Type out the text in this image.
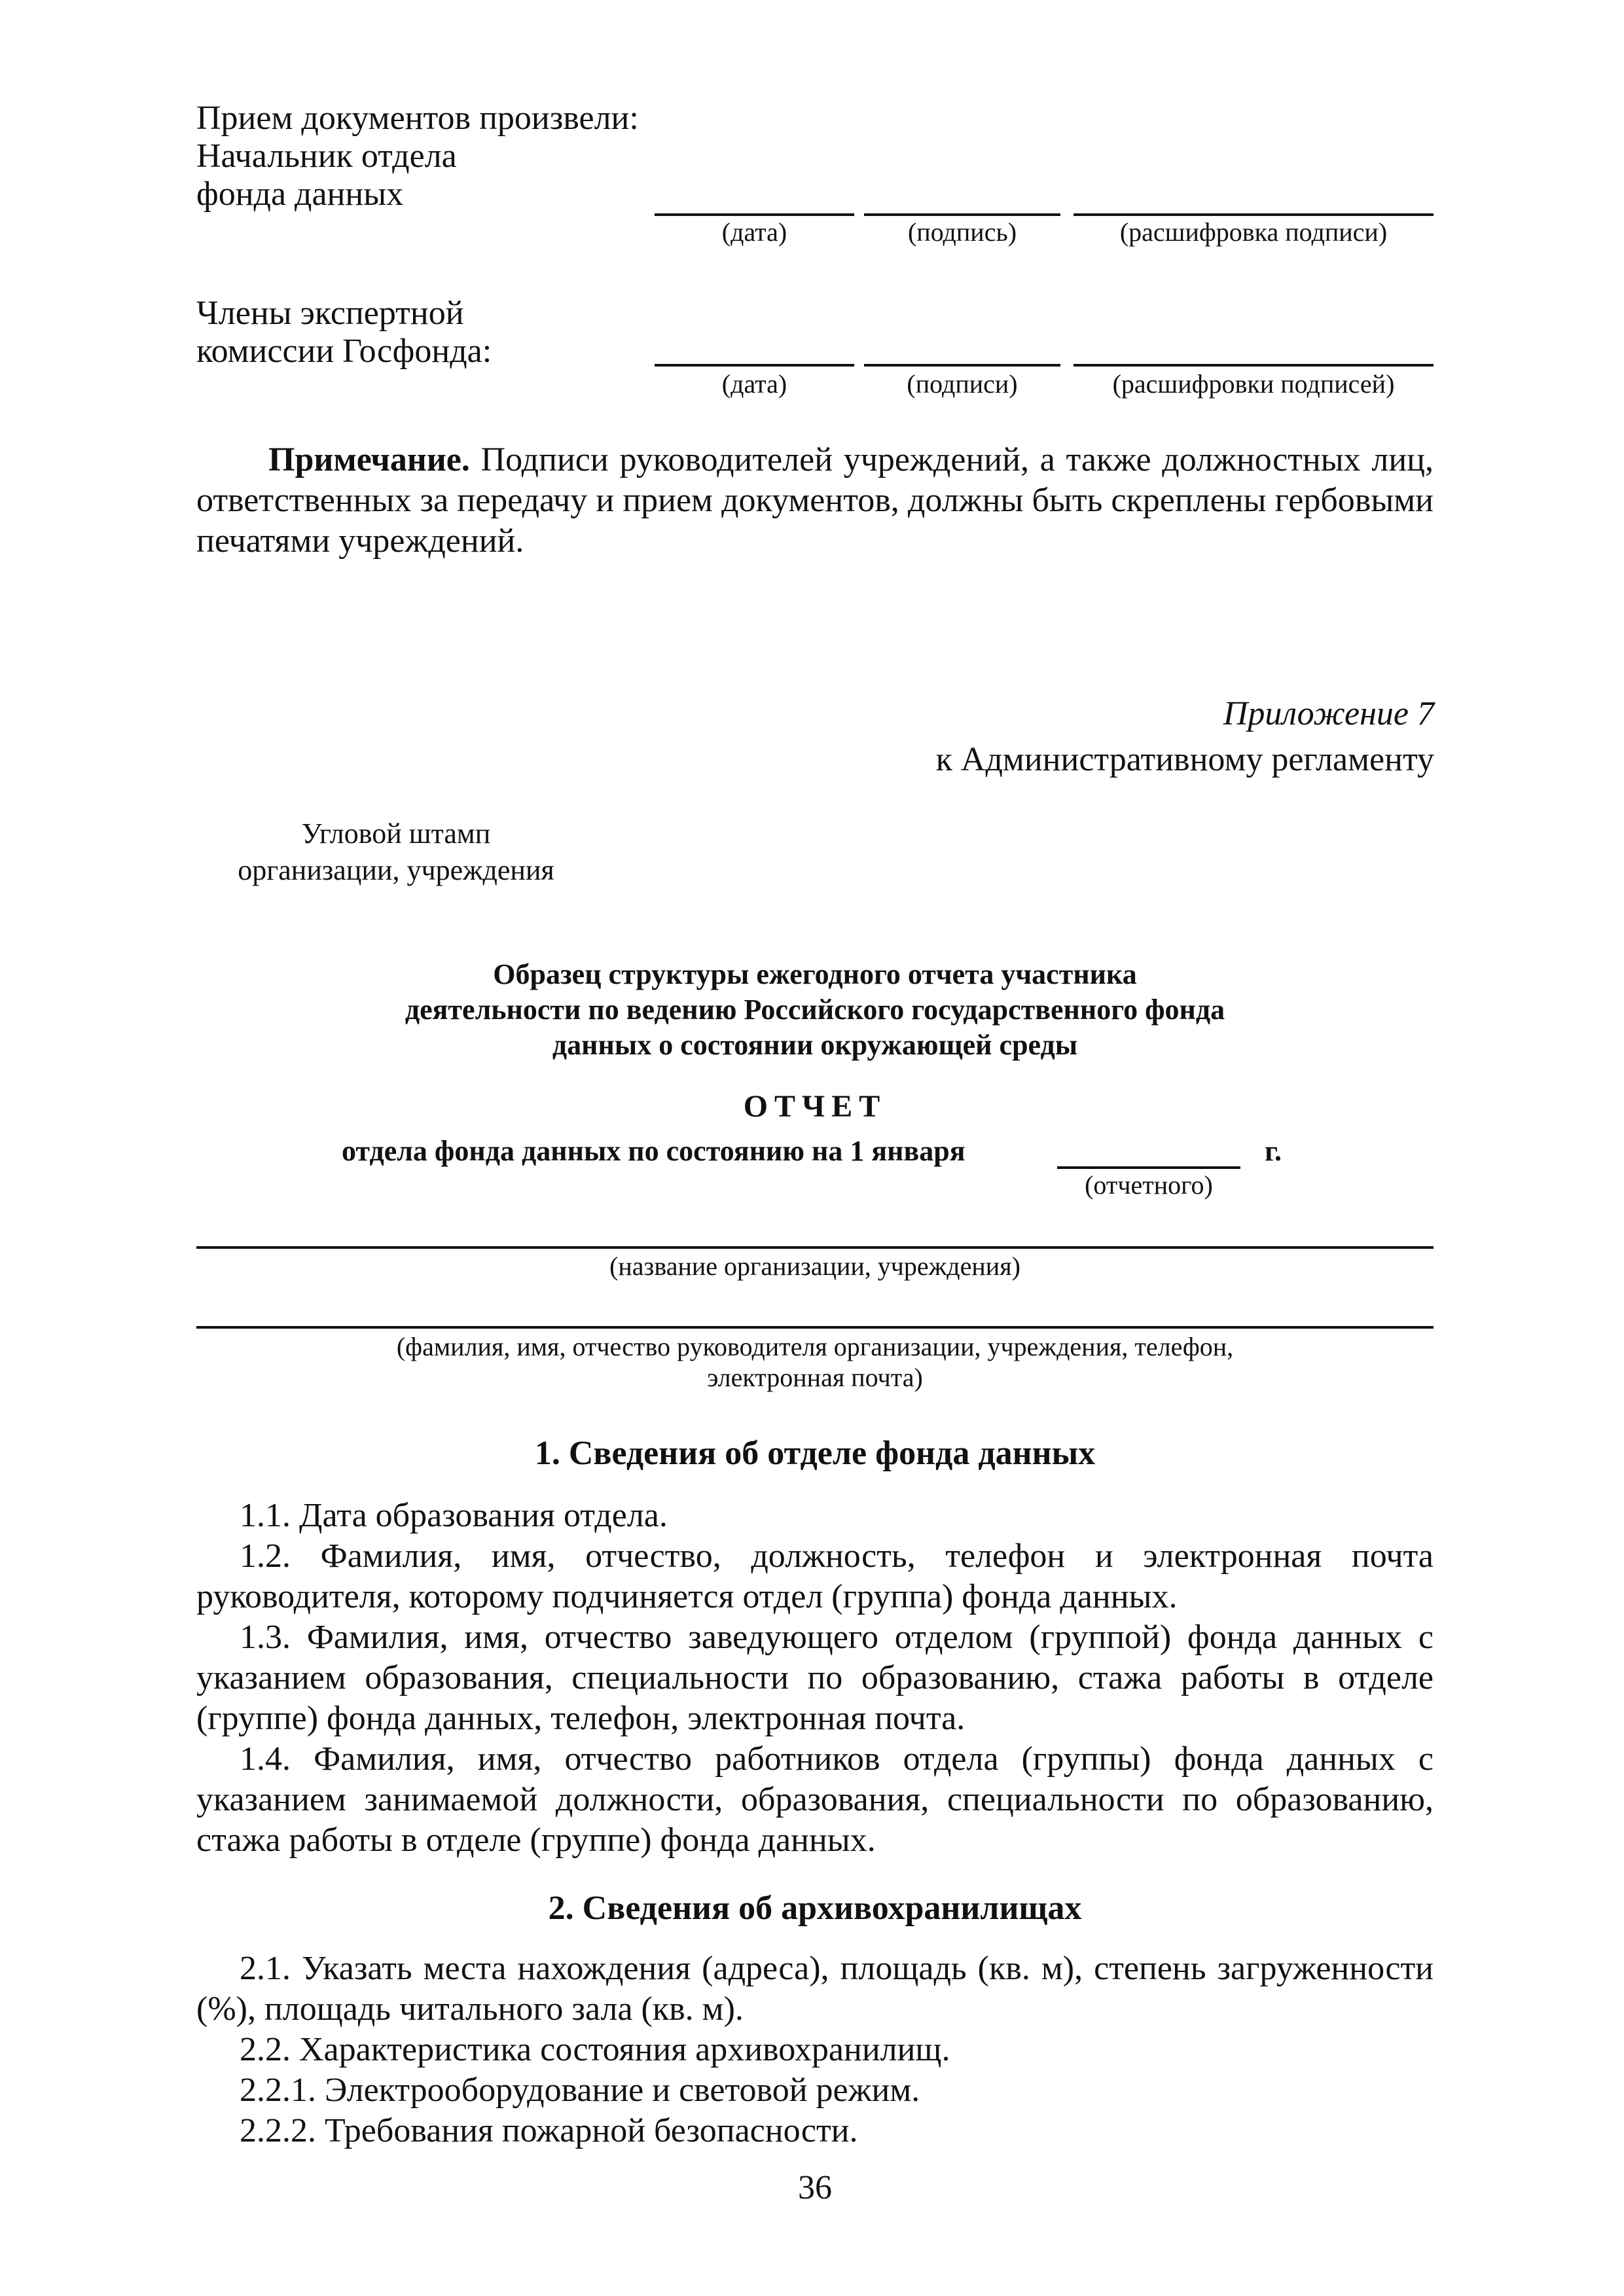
Прием документов произвели:
Начальник отдела
фонда данных
(дата)	(подпись)	(расшифровка подписи)
Члены экспертной
комиссии Госфонда:
(дата)	(подписи)	(расшифровки подписей)
Примечание. Подписи руководителей учреждений, а также должностных лиц, ответственных за передачу и прием документов, должны быть скреплены гербовыми печатями учреждений.
Приложение 7
к Административному регламенту
Угловой штамп
организации, учреждения
Образец структуры ежегодного отчета участника
деятельности по ведению Российского государственного фонда
данных о состоянии окружающей среды
ОТЧЕТ
отдела фонда данных по состоянию на 1 января	г.
(отчетного)
(название организации, учреждения)
(фамилия, имя, отчество руководителя организации, учреждения, телефон,
электронная почта)
1. Сведения об отделе фонда данных
1.1. Дата образования отдела.
1.2. Фамилия, имя, отчество, должность, телефон и электронная почта руководителя, которому подчиняется отдел (группа) фонда данных.
1.3. Фамилия, имя, отчество заведующего отделом (группой) фонда данных с указанием образования, специальности по образованию, стажа работы в отделе (группе) фонда данных, телефон, электронная почта.
1.4. Фамилия, имя, отчество работников отдела (группы) фонда данных с указанием занимаемой должности, образования, специальности по образованию, стажа работы в отделе (группе) фонда данных.
2. Сведения об архивохранилищах
2.1. Указать места нахождения (адреса), площадь (кв. м), степень загруженности (%), площадь читального зала (кв. м).
2.2. Характеристика состояния архивохранилищ.
2.2.1. Электрооборудование и световой режим.
2.2.2. Требования пожарной безопасности.
36
